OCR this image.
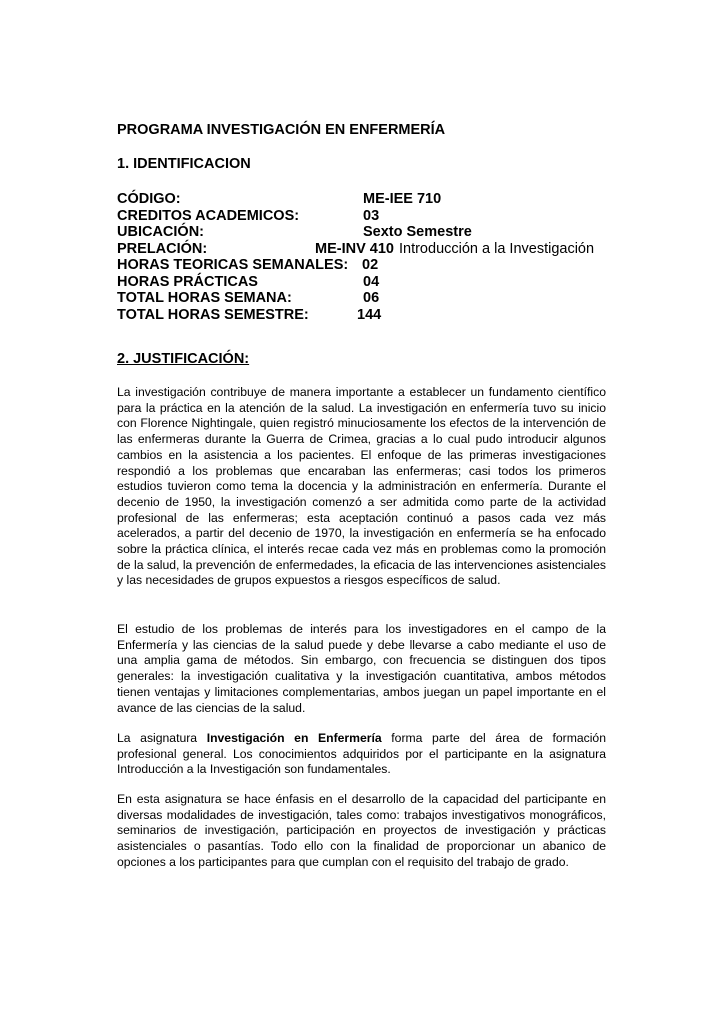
PROGRAMA INVESTIGACIÓN EN ENFERMERÍA
1. IDENTIFICACION
CÓDIGO:	ME-IEE 710
CREDITOS ACADEMICOS:	03
UBICACIÓN:	Sexto Semestre
PRELACIÓN:	ME-INV 410 Introducción a la Investigación
HORAS TEORICAS SEMANALES: 02
HORAS PRÁCTICAS	04
TOTAL HORAS SEMANA:	06
TOTAL HORAS SEMESTRE:	144
2. JUSTIFICACIÓN:
La investigación contribuye de manera importante a establecer un fundamento científico para la práctica en la atención de la salud. La investigación en enfermería tuvo su inicio con Florence Nightingale, quien registró minuciosamente los efectos de la intervención de las enfermeras durante la Guerra de Crimea, gracias a lo cual pudo introducir algunos cambios en la asistencia a los pacientes. El enfoque de las primeras investigaciones respondió a los problemas que encaraban las enfermeras; casi todos los primeros estudios tuvieron como tema la docencia y la administración en enfermería. Durante el decenio de 1950, la investigación comenzó a ser admitida como parte de la actividad profesional de las enfermeras; esta aceptación continuó a pasos cada vez más acelerados, a partir del decenio de 1970, la investigación en enfermería se ha enfocado sobre la práctica clínica, el interés recae cada vez más en problemas como la promoción de la salud, la prevención de enfermedades, la eficacia de las intervenciones asistenciales y las necesidades de grupos expuestos a riesgos específicos de salud.
El estudio de los problemas de interés para los investigadores en el campo de la Enfermería y las ciencias de la salud puede y debe llevarse a cabo mediante el uso de una amplia gama de métodos. Sin embargo, con frecuencia se distinguen dos tipos generales: la investigación cualitativa y la investigación cuantitativa, ambos métodos tienen ventajas y limitaciones complementarias, ambos juegan un papel importante en el avance de las ciencias de la salud.
La asignatura Investigación en Enfermería forma parte del área de formación profesional general. Los conocimientos adquiridos por el participante en la asignatura Introducción a la Investigación son fundamentales.
En esta asignatura se hace énfasis en el desarrollo de la capacidad del participante en diversas modalidades de investigación, tales como: trabajos investigativos monográficos, seminarios de investigación, participación en proyectos de investigación y prácticas asistenciales o pasantías. Todo ello con la finalidad de proporcionar un abanico de opciones a los participantes para que cumplan con el requisito del trabajo de grado.
